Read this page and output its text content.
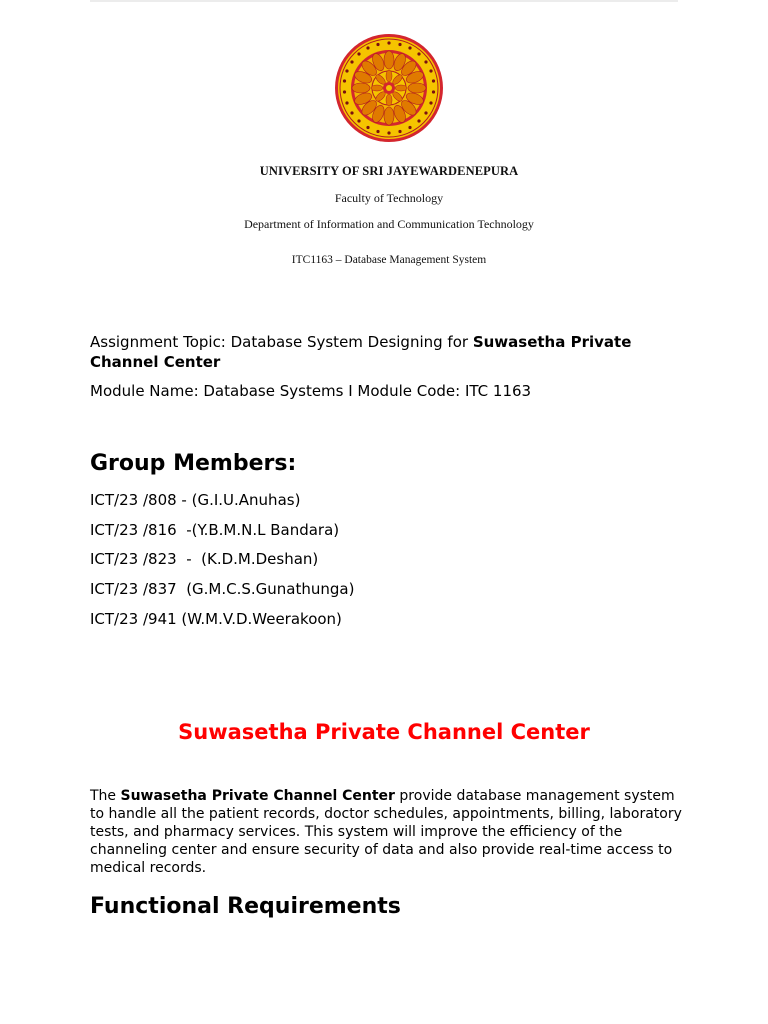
UNIVERSITY OF SRI JAYEWARDENEPURA
Faculty of Technology
Department of Information and Communication Technology
ITC1163 – Database Management System
Assignment Topic: Database System Designing for Suwasetha Private Channel Center
Module Name: Database Systems I Module Code: ITC 1163
Group Members:
ICT/23 /808 - (G.I.U.Anuhas)
ICT/23 /816  -(Y.B.M.N.L Bandara)
ICT/23 /823  -  (K.D.M.Deshan)
ICT/23 /837  (G.M.C.S.Gunathunga)
ICT/23 /941 (W.M.V.D.Weerakoon)
Suwasetha Private Channel Center

The Suwasetha Private Channel Center provide database management system to handle all the patient records, doctor schedules, appointments, billing, laboratory tests, and pharmacy services. This system will improve the efficiency of the channeling center and ensure security of data and also provide real-time access to medical records.

Functional Requirements
